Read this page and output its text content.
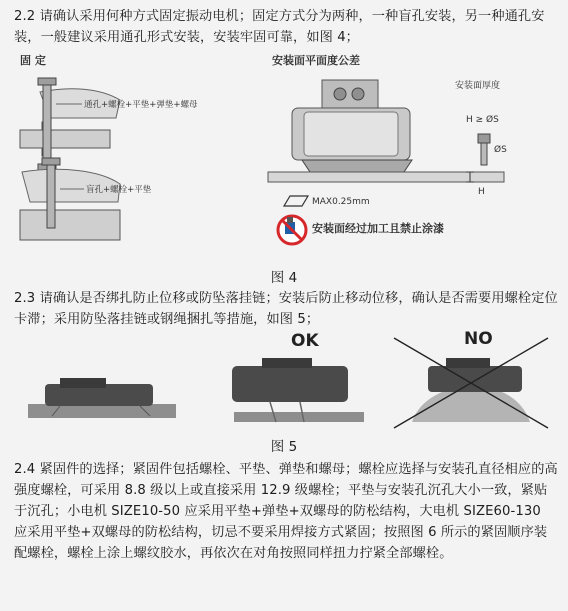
2.2 请确认采用何种方式固定振动电机；固定方式分为两种，一种盲孔安装，另一种通孔安装，一般建议采用通孔形式安装，安装牢固可靠，如图 4；
固 定
通孔+螺栓+平垫+弹垫+螺母
盲孔+螺栓+平垫
安装面平面度公差
安装面厚度
H ≥ ØS
ØS
H
MAX0.25mm
安装面经过加工且禁止涂漆
图 4
2.3 请确认是否绑扎防止位移或防坠落挂链；安装后防止移动位移，确认是否需要用螺栓定位卡滞；采用防坠落挂链或钢绳捆扎等措施，如图 5；
OK	NO
图 5
2.4 紧固件的选择；紧固件包括螺栓、平垫、弹垫和螺母；螺栓应选择与安装孔直径相应的高强度螺栓，可采用 8.8 级以上或直接采用 12.9 级螺栓；平垫与安装孔沉孔大小一致，紧贴于沉孔；小电机 SIZE10-50 应采用平垫+弹垫+双螺母的防松结构，大电机 SIZE60-130 应采用平垫+双螺母的防松结构，切忌不要采用焊接方式紧固；按照图 6 所示的紧固顺序装配螺栓，螺栓上涂上螺纹胶水，再依次在对角按照同样扭力拧紧全部螺栓。
